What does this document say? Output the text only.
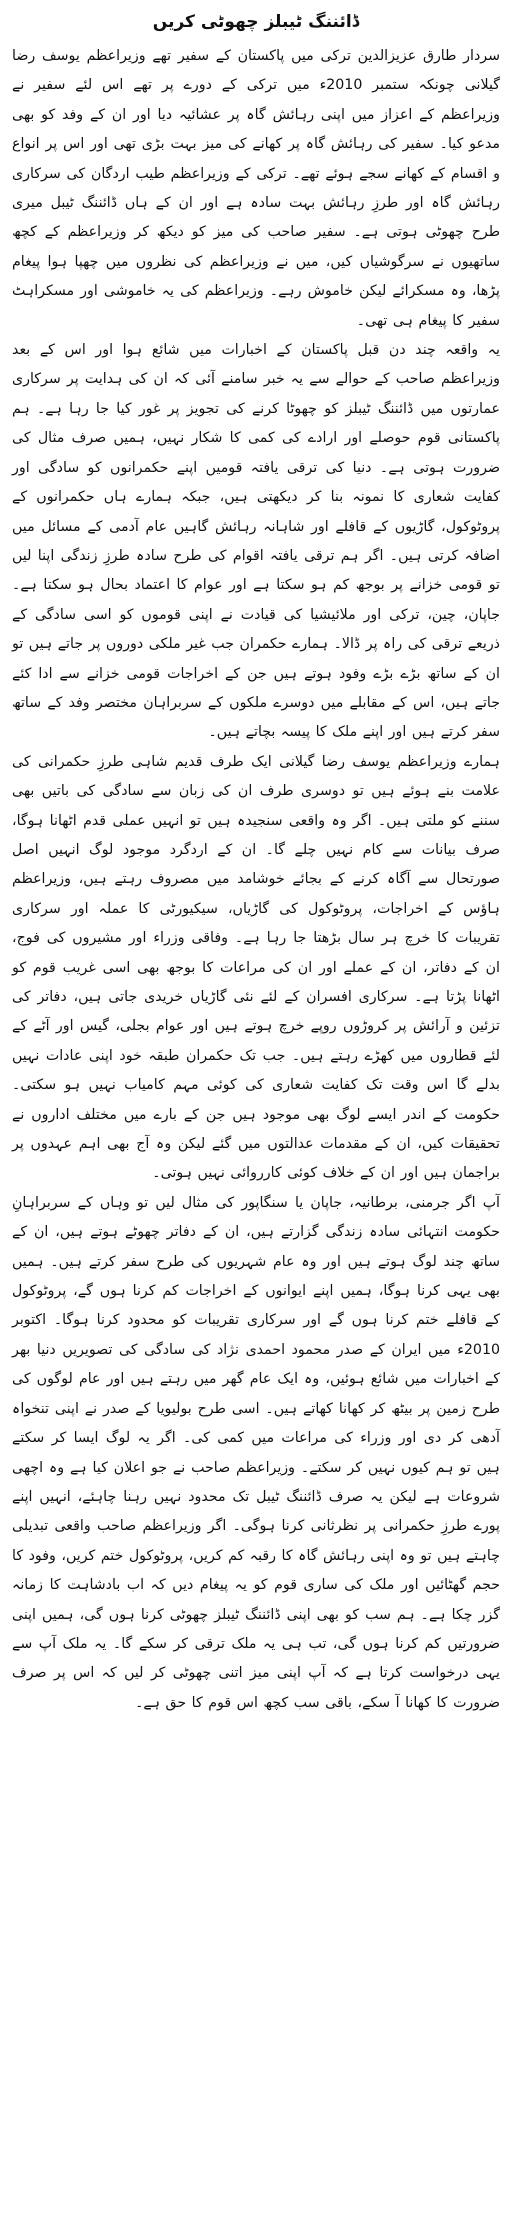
ڈائننگ ٹیبلز چھوٹی کریں

سردار طارق عزیزالدین ترکی میں پاکستان کے سفیر تھے وزیراعظم یوسف رضا گیلانی چونکہ ستمبر 2010ء میں ترکی کے دورے پر تھے اس لئے سفیر نے وزیراعظم کے اعزاز میں اپنی رہائش گاہ پر عشائیہ دیا اور ان کے وفد کو بھی مدعو کیا۔ سفیر کی رہائش گاہ پر کھانے کی میز بہت بڑی تھی اور اس پر انواع و اقسام کے کھانے سجے ہوئے تھے۔ ترکی کے وزیراعظم طیب اردگان کی سرکاری رہائش گاہ اور طرزِ رہائش بہت سادہ ہے اور ان کے ہاں ڈائننگ ٹیبل میری طرح چھوٹی ہوتی ہے۔ سفیر صاحب کی میز کو دیکھ کر وزیراعظم کے کچھ ساتھیوں نے سرگوشیاں کیں، میں نے وزیراعظم کی نظروں میں چھپا ہوا پیغام پڑھا، وہ مسکرائے لیکن خاموش رہے۔ وزیراعظم کی یہ خاموشی اور مسکراہٹ سفیر کا پیغام ہی تھی۔

یہ واقعہ چند دن قبل پاکستان کے اخبارات میں شائع ہوا اور اس کے بعد وزیراعظم صاحب کے حوالے سے یہ خبر سامنے آئی کہ ان کی ہدایت پر سرکاری عمارتوں میں ڈائننگ ٹیبلز کو چھوٹا کرنے کی تجویز پر غور کیا جا رہا ہے۔ ہم پاکستانی قوم حوصلے اور ارادے کی کمی کا شکار نہیں، ہمیں صرف مثال کی ضرورت ہوتی ہے۔ دنیا کی ترقی یافتہ قومیں اپنے حکمرانوں کو سادگی اور کفایت شعاری کا نمونہ بنا کر دیکھتی ہیں، جبکہ ہمارے ہاں حکمرانوں کے پروٹوکول، گاڑیوں کے قافلے اور شاہانہ رہائش گاہیں عام آدمی کے مسائل میں اضافہ کرتی ہیں۔ اگر ہم ترقی یافتہ اقوام کی طرح سادہ طرزِ زندگی اپنا لیں تو قومی خزانے پر بوجھ کم ہو سکتا ہے اور عوام کا اعتماد بحال ہو سکتا ہے۔ جاپان، چین، ترکی اور ملائیشیا کی قیادت نے اپنی قوموں کو اسی سادگی کے ذریعے ترقی کی راہ پر ڈالا۔ ہمارے حکمران جب غیر ملکی دوروں پر جاتے ہیں تو ان کے ساتھ بڑے بڑے وفود ہوتے ہیں جن کے اخراجات قومی خزانے سے ادا کئے جاتے ہیں، اس کے مقابلے میں دوسرے ملکوں کے سربراہان مختصر وفد کے ساتھ سفر کرتے ہیں اور اپنے ملک کا پیسہ بچاتے ہیں۔

ہمارے وزیراعظم یوسف رضا گیلانی ایک طرف قدیم شاہی طرزِ حکمرانی کی علامت بنے ہوئے ہیں تو دوسری طرف ان کی زبان سے سادگی کی باتیں بھی سننے کو ملتی ہیں۔ اگر وہ واقعی سنجیدہ ہیں تو انہیں عملی قدم اٹھانا ہوگا، صرف بیانات سے کام نہیں چلے گا۔ ان کے اردگرد موجود لوگ انہیں اصل صورتحال سے آگاہ کرنے کے بجائے خوشامد میں مصروف رہتے ہیں، وزیراعظم ہاؤس کے اخراجات، پروٹوکول کی گاڑیاں، سیکیورٹی کا عملہ اور سرکاری تقریبات کا خرچ ہر سال بڑھتا جا رہا ہے۔ وفاقی وزراء اور مشیروں کی فوج، ان کے دفاتر، ان کے عملے اور ان کی مراعات کا بوجھ بھی اسی غریب قوم کو اٹھانا پڑتا ہے۔ سرکاری افسران کے لئے نئی گاڑیاں خریدی جاتی ہیں، دفاتر کی تزئین و آرائش پر کروڑوں روپے خرچ ہوتے ہیں اور عوام بجلی، گیس اور آٹے کے لئے قطاروں میں کھڑے رہتے ہیں۔ جب تک حکمران طبقہ خود اپنی عادات نہیں بدلے گا اس وقت تک کفایت شعاری کی کوئی مہم کامیاب نہیں ہو سکتی۔ حکومت کے اندر ایسے لوگ بھی موجود ہیں جن کے بارے میں مختلف اداروں نے تحقیقات کیں، ان کے مقدمات عدالتوں میں گئے لیکن وہ آج بھی اہم عہدوں پر براجمان ہیں اور ان کے خلاف کوئی کارروائی نہیں ہوتی۔

آپ اگر جرمنی، برطانیہ، جاپان یا سنگاپور کی مثال لیں تو وہاں کے سربراہانِ حکومت انتہائی سادہ زندگی گزارتے ہیں، ان کے دفاتر چھوٹے ہوتے ہیں، ان کے ساتھ چند لوگ ہوتے ہیں اور وہ عام شہریوں کی طرح سفر کرتے ہیں۔ ہمیں بھی یہی کرنا ہوگا، ہمیں اپنے ایوانوں کے اخراجات کم کرنا ہوں گے، پروٹوکول کے قافلے ختم کرنا ہوں گے اور سرکاری تقریبات کو محدود کرنا ہوگا۔ اکتوبر 2010ء میں ایران کے صدر محمود احمدی نژاد کی سادگی کی تصویریں دنیا بھر کے اخبارات میں شائع ہوئیں، وہ ایک عام گھر میں رہتے ہیں اور عام لوگوں کی طرح زمین پر بیٹھ کر کھانا کھاتے ہیں۔ اسی طرح بولیویا کے صدر نے اپنی تنخواہ آدھی کر دی اور وزراء کی مراعات میں کمی کی۔ اگر یہ لوگ ایسا کر سکتے ہیں تو ہم کیوں نہیں کر سکتے۔ وزیراعظم صاحب نے جو اعلان کیا ہے وہ اچھی شروعات ہے لیکن یہ صرف ڈائننگ ٹیبل تک محدود نہیں رہنا چاہئے، انہیں اپنے پورے طرزِ حکمرانی پر نظرثانی کرنا ہوگی۔ اگر وزیراعظم صاحب واقعی تبدیلی چاہتے ہیں تو وہ اپنی رہائش گاہ کا رقبہ کم کریں، پروٹوکول ختم کریں، وفود کا حجم گھٹائیں اور ملک کی ساری قوم کو یہ پیغام دیں کہ اب بادشاہت کا زمانہ گزر چکا ہے۔ ہم سب کو بھی اپنی ڈائننگ ٹیبلز چھوٹی کرنا ہوں گی، ہمیں اپنی ضرورتیں کم کرنا ہوں گی، تب ہی یہ ملک ترقی کر سکے گا۔ یہ ملک آپ سے یہی درخواست کرتا ہے کہ آپ اپنی میز اتنی چھوٹی کر لیں کہ اس پر صرف ضرورت کا کھانا آ سکے، باقی سب کچھ اس قوم کا حق ہے۔
